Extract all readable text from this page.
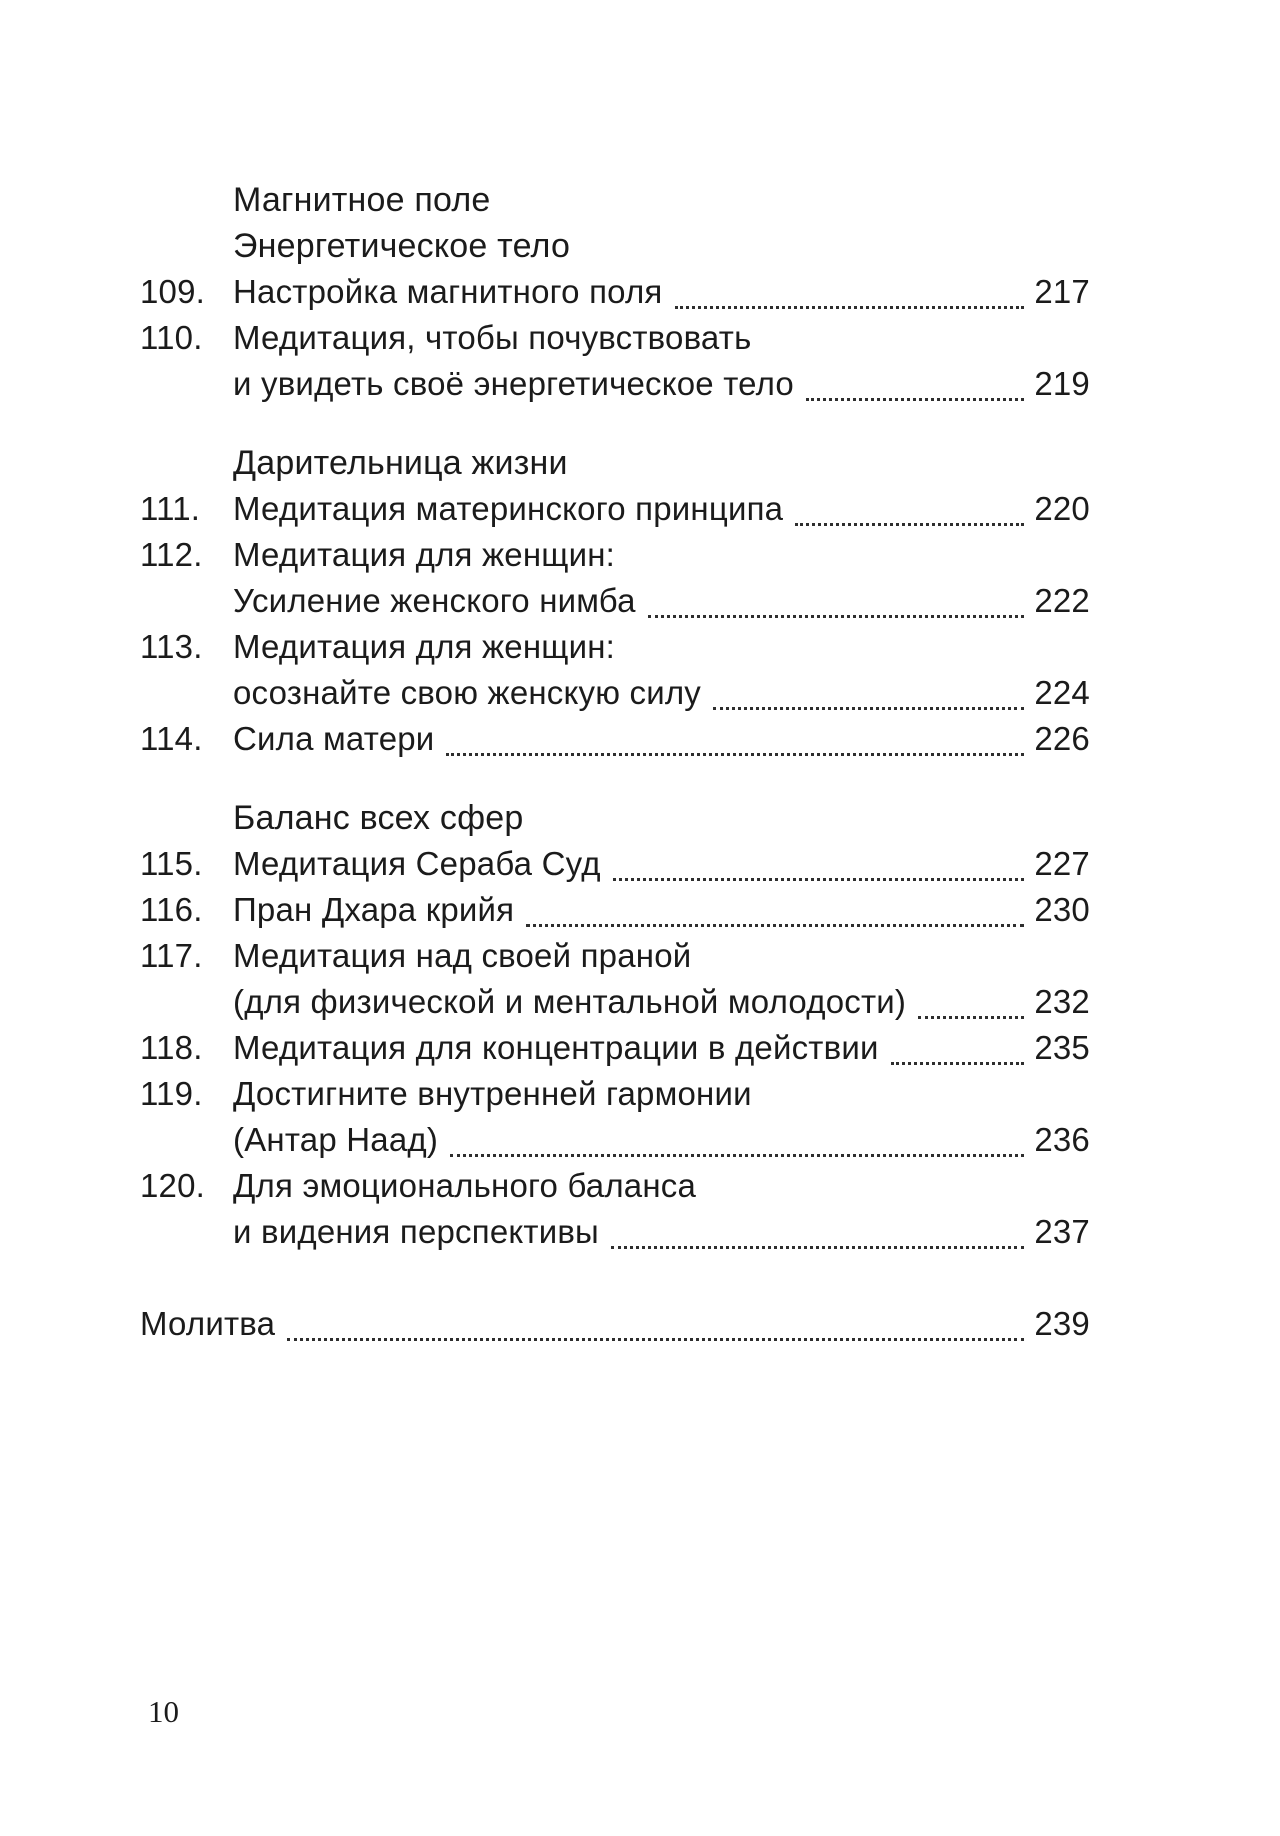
Магнитное поле
Энергетическое тело
109. Настройка магнитного поля	217
110. Медитация, чтобы почувствовать
и увидеть своё энергетическое тело	219
Дарительница жизни
111. Медитация материнского принципа	220
112. Медитация для женщин:
Усиление женского нимба	222
113. Медитация для женщин:
осознайте свою женскую силу	224
114. Сила матери	226
Баланс всех сфер
115. Медитация Сераба Суд	227
116. Пран Дхара крийя	230
117. Медитация над своей праной
(для физической и ментальной молодости)	232
118. Медитация для концентрации в действии	235
119. Достигните внутренней гармонии
(Антар Наад)	236
120. Для эмоционального баланса
и видения перспективы	237
Молитва	239
10
